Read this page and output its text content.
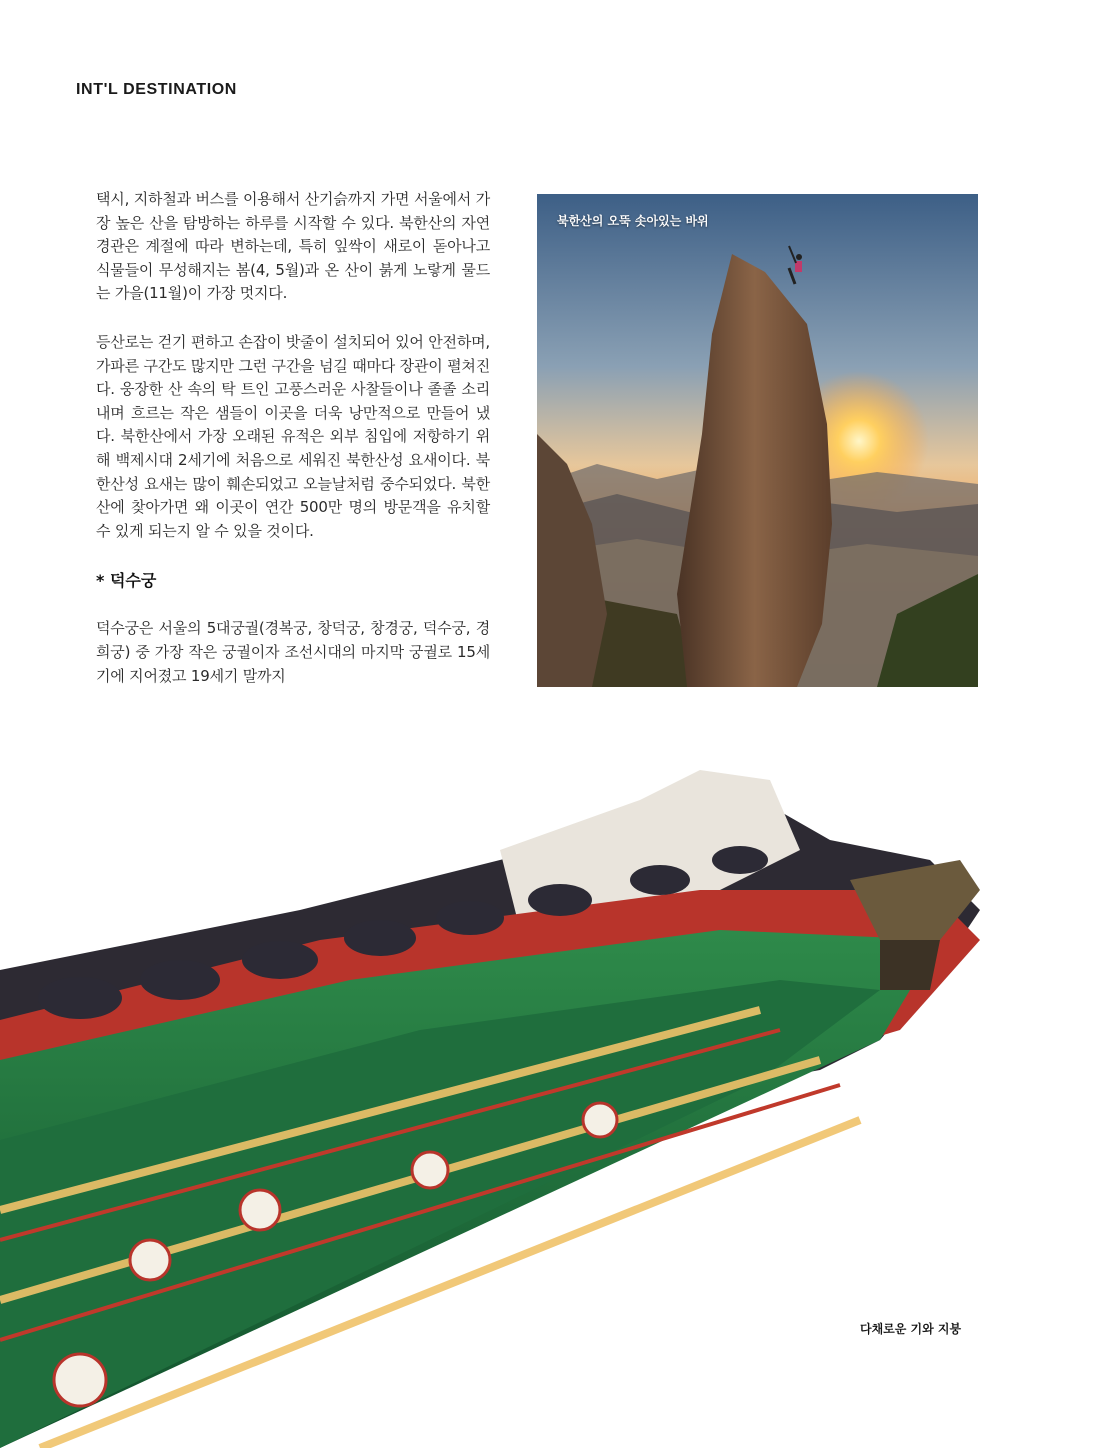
INT'L DESTINATION

택시, 지하철과 버스를 이용해서 산기슭까지 가면 서울에서 가장 높은 산을 탐방하는 하루를 시작할 수 있다. 북한산의 자연경관은 계절에 따라 변하는데, 특히 잎싹이 새로이 돋아나고 식물들이 무성해지는 봄(4, 5월)과 온 산이 붉게 노랗게 물드는 가을(11월)이 가장 멋지다.

등산로는 걷기 편하고 손잡이 밧줄이 설치되어 있어 안전하며, 가파른 구간도 많지만 그런 구간을 넘길 때마다 장관이 펼쳐진다. 웅장한 산 속의 탁 트인 고풍스러운 사찰들이나 졸졸 소리 내며 흐르는 작은 샘들이 이곳을 더욱 낭만적으로 만들어 냈다. 북한산에서 가장 오래된 유적은 외부 침입에 저항하기 위해 백제시대 2세기에 처음으로 세워진 북한산성 요새이다. 북한산성 요새는 많이 훼손되었고 오늘날처럼 중수되었다. 북한산에 찾아가면 왜 이곳이 연간 500만 명의 방문객을 유치할 수 있게 되는지 알 수 있을 것이다.

* 덕수궁

덕수궁은 서울의 5대궁궐(경복궁, 창덕궁, 창경궁, 덕수궁, 경희궁) 중 가장 작은 궁궐이자 조선시대의 마지막 궁궐로 15세기에 지어졌고 19세기 말까지

북한산의 오뚝 솟아있는 바위
다채로운 기와 지붕
